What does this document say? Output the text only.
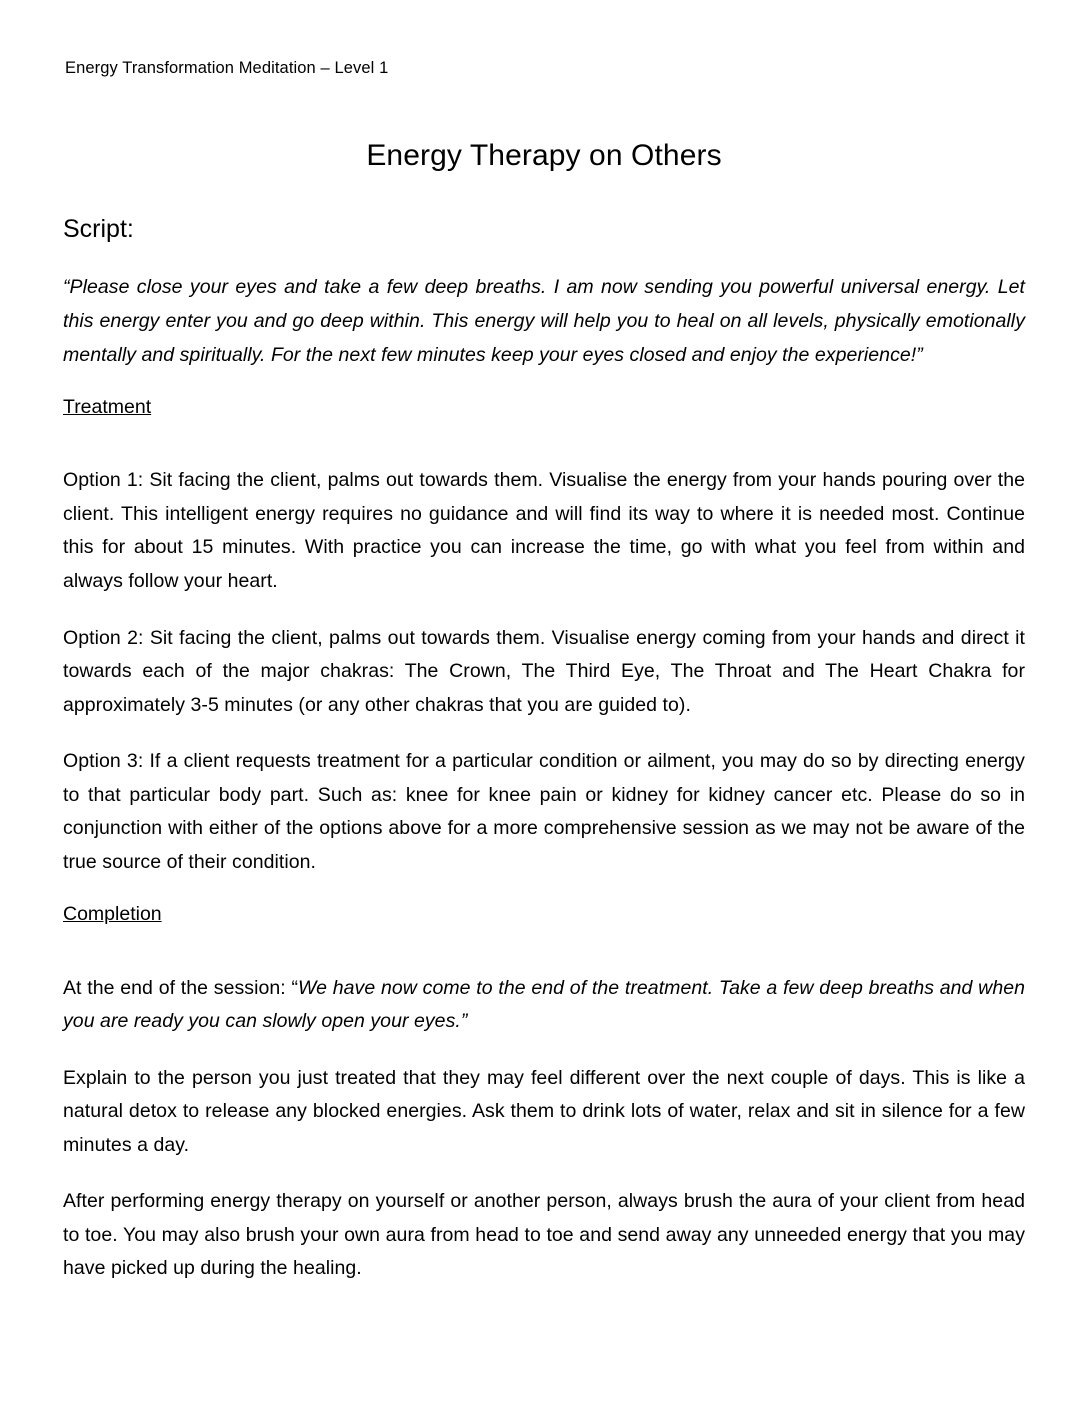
Energy Transformation Meditation – Level 1
Energy Therapy on Others
Script:

“Please close your eyes and take a few deep breaths. I am now sending you powerful universal energy. Let this energy enter you and go deep within. This energy will help you to heal on all levels, physically emotionally mentally and spiritually. For the next few minutes keep your eyes closed and enjoy the experience!”

Treatment

Option 1: Sit facing the client, palms out towards them. Visualise the energy from your hands pouring over the client. This intelligent energy requires no guidance and will find its way to where it is needed most. Continue this for about 15 minutes. With practice you can increase the time, go with what you feel from within and always follow your heart.

Option 2: Sit facing the client, palms out towards them. Visualise energy coming from your hands and direct it towards each of the major chakras: The Crown, The Third Eye, The Throat and The Heart Chakra for approximately 3-5 minutes (or any other chakras that you are guided to).

Option 3: If a client requests treatment for a particular condition or ailment, you may do so by directing energy to that particular body part. Such as: knee for knee pain or kidney for kidney cancer etc. Please do so in conjunction with either of the options above for a more comprehensive session as we may not be aware of the true source of their condition.

Completion

At the end of the session: “We have now come to the end of the treatment. Take a few deep breaths and when you are ready you can slowly open your eyes.”

Explain to the person you just treated that they may feel different over the next couple of days. This is like a natural detox to release any blocked energies. Ask them to drink lots of water, relax and sit in silence for a few minutes a day.

After performing energy therapy on yourself or another person, always brush the aura of your client from head to toe. You may also brush your own aura from head to toe and send away any unneeded energy that you may have picked up during the healing.
